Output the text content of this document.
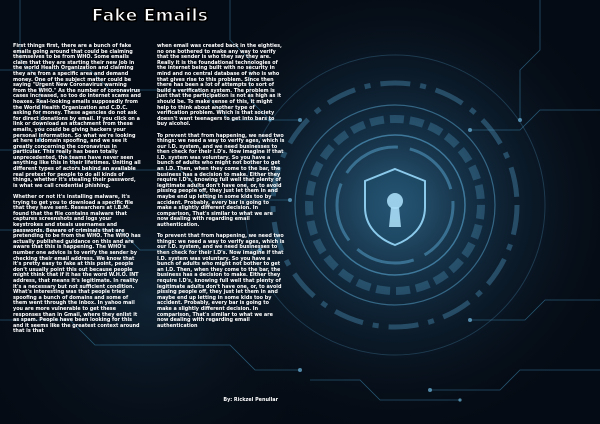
Fake Emails

First things first, there are a bunch of fake emails going around that could be claiming themselves to be from WHO. Some emails claim that they are starting their new job in the world Health Organization and claiming they are from a specific area and demand money. One of the subject matter could be saying "Urgent New Coronavirus warning from the WHO." As the number of coronavirus cases increased, so too do internet scams and hoaxes. Real-looking emails supposedly from the World Health Organization and C.D.C. asking for money. These agencies do not ask for direct donations by email. If you click on a link or download an attachment from these emails, you could be giving hackers your personal information. So what we're looking at here is domain spoofing, and we see it greatly concerning the coronavirus in particular. This really has been totally unprecedented, the teams have never seen anything like this in their lifetimes. Uniting all different types of actors behind an available real pretext for people to do all kinds of things, whether it's stealing their password, is what we call credential phishing.

Whether or not it's installing malware, it's trying to get you to download a specific file that they have sent. Researchers at I.B.M. found that the file contains malware that captures screenshots and logs your keystrokes and steals usernames and passwords. Beware of criminals that are pretending to be from the WHO. The WHO has actually published guidance on this and are aware that this is happening. The WHO's number one advice is to verify the sender by checking their email address. We know that it's pretty easy to fake at this point, people don't usually point this out because people might think that if it has the word W.H.O. INT address, that means it's legitimate. In reality it's a necessary but not sufficient condition. What's interesting was that people tried spoofing a bunch of domains and some of them went through the inbox. In yahoo mail you are more vulnerable to get these responses than in Gmail, where they enlist it as spam. People have been looking for this and it seems like the greatest context around that is that

when email was created back in the eighties, no one bothered to make any way to verify that the sender is who they say they are. Really it is the foundational technologies of the internet being built with no security in mind and no central database of who is who that gives rise to this problem. Since then there has been a lot of attempts to sort of build a verification system. The problem is just that the participation is not as high as it should be. To make sense of this, it might help to think about another type of verification problem. Which is that society doesn't want teenagers to get into bars to buy alcohol.

To prevent that from happening, we need two things: we need a way to verify ages, which is our I.D. system, and we need businesses to then check for their I.D's. Now imagine if that I.D. system was voluntary. So you have a bunch of adults who might not bother to get an I.D. Then, when they come to the bar, the business has a decision to make. Either they require I.D's, knowing full well that plenty of legitimate adults don't have one, or, to avoid pissing people off, they just let them in and maybe end up letting in some kids too by accident. Probably, every bar is going to make a slightly different decision. In comparison, That's similar to what we are now dealing with regarding email authentication.

To prevent that from happening, we need two things: we need a way to verify ages, which is our I.D. system, and we need businesses to then check for their I.D's. Now imagine if that I.D. system was voluntary. So you have a bunch of adults who might not bother to get an I.D. Then, when they come to the bar, the business has a decision to make. Either they require I.D's, knowing full well that plenty of legitimate adults don't have one, or, to avoid pissing people off, they just let them in and maybe end up letting in some kids too by accident. Probably, every bar is going to make a slightly different decision. In comparison, That's similar to what we are now dealing with regarding email authentication

By: Rickzel Penullar
